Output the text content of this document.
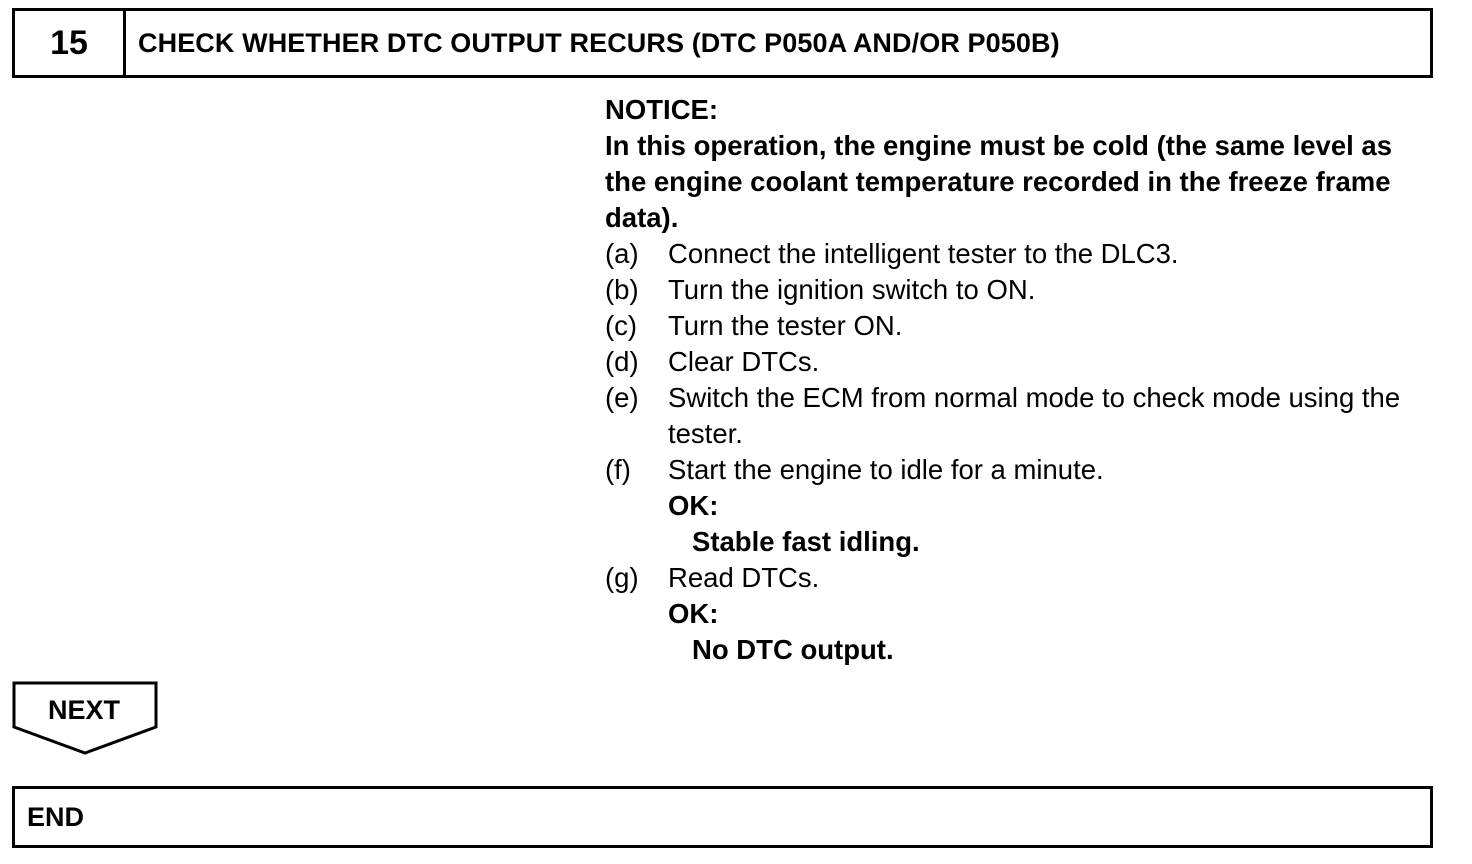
15	CHECK WHETHER DTC OUTPUT RECURS (DTC P050A AND/OR P050B)
NOTICE:
In this operation, the engine must be cold (the same level as the engine coolant temperature recorded in the freeze frame data).
(a)	Connect the intelligent tester to the DLC3.
(b)	Turn the ignition switch to ON.
(c)	Turn the tester ON.
(d)	Clear DTCs.
(e)	Switch the ECM from normal mode to check mode using the tester.
(f)	Start the engine to idle for a minute.
OK:
Stable fast idling.
(g)	Read DTCs.
OK:
No DTC output.
NEXT
END
